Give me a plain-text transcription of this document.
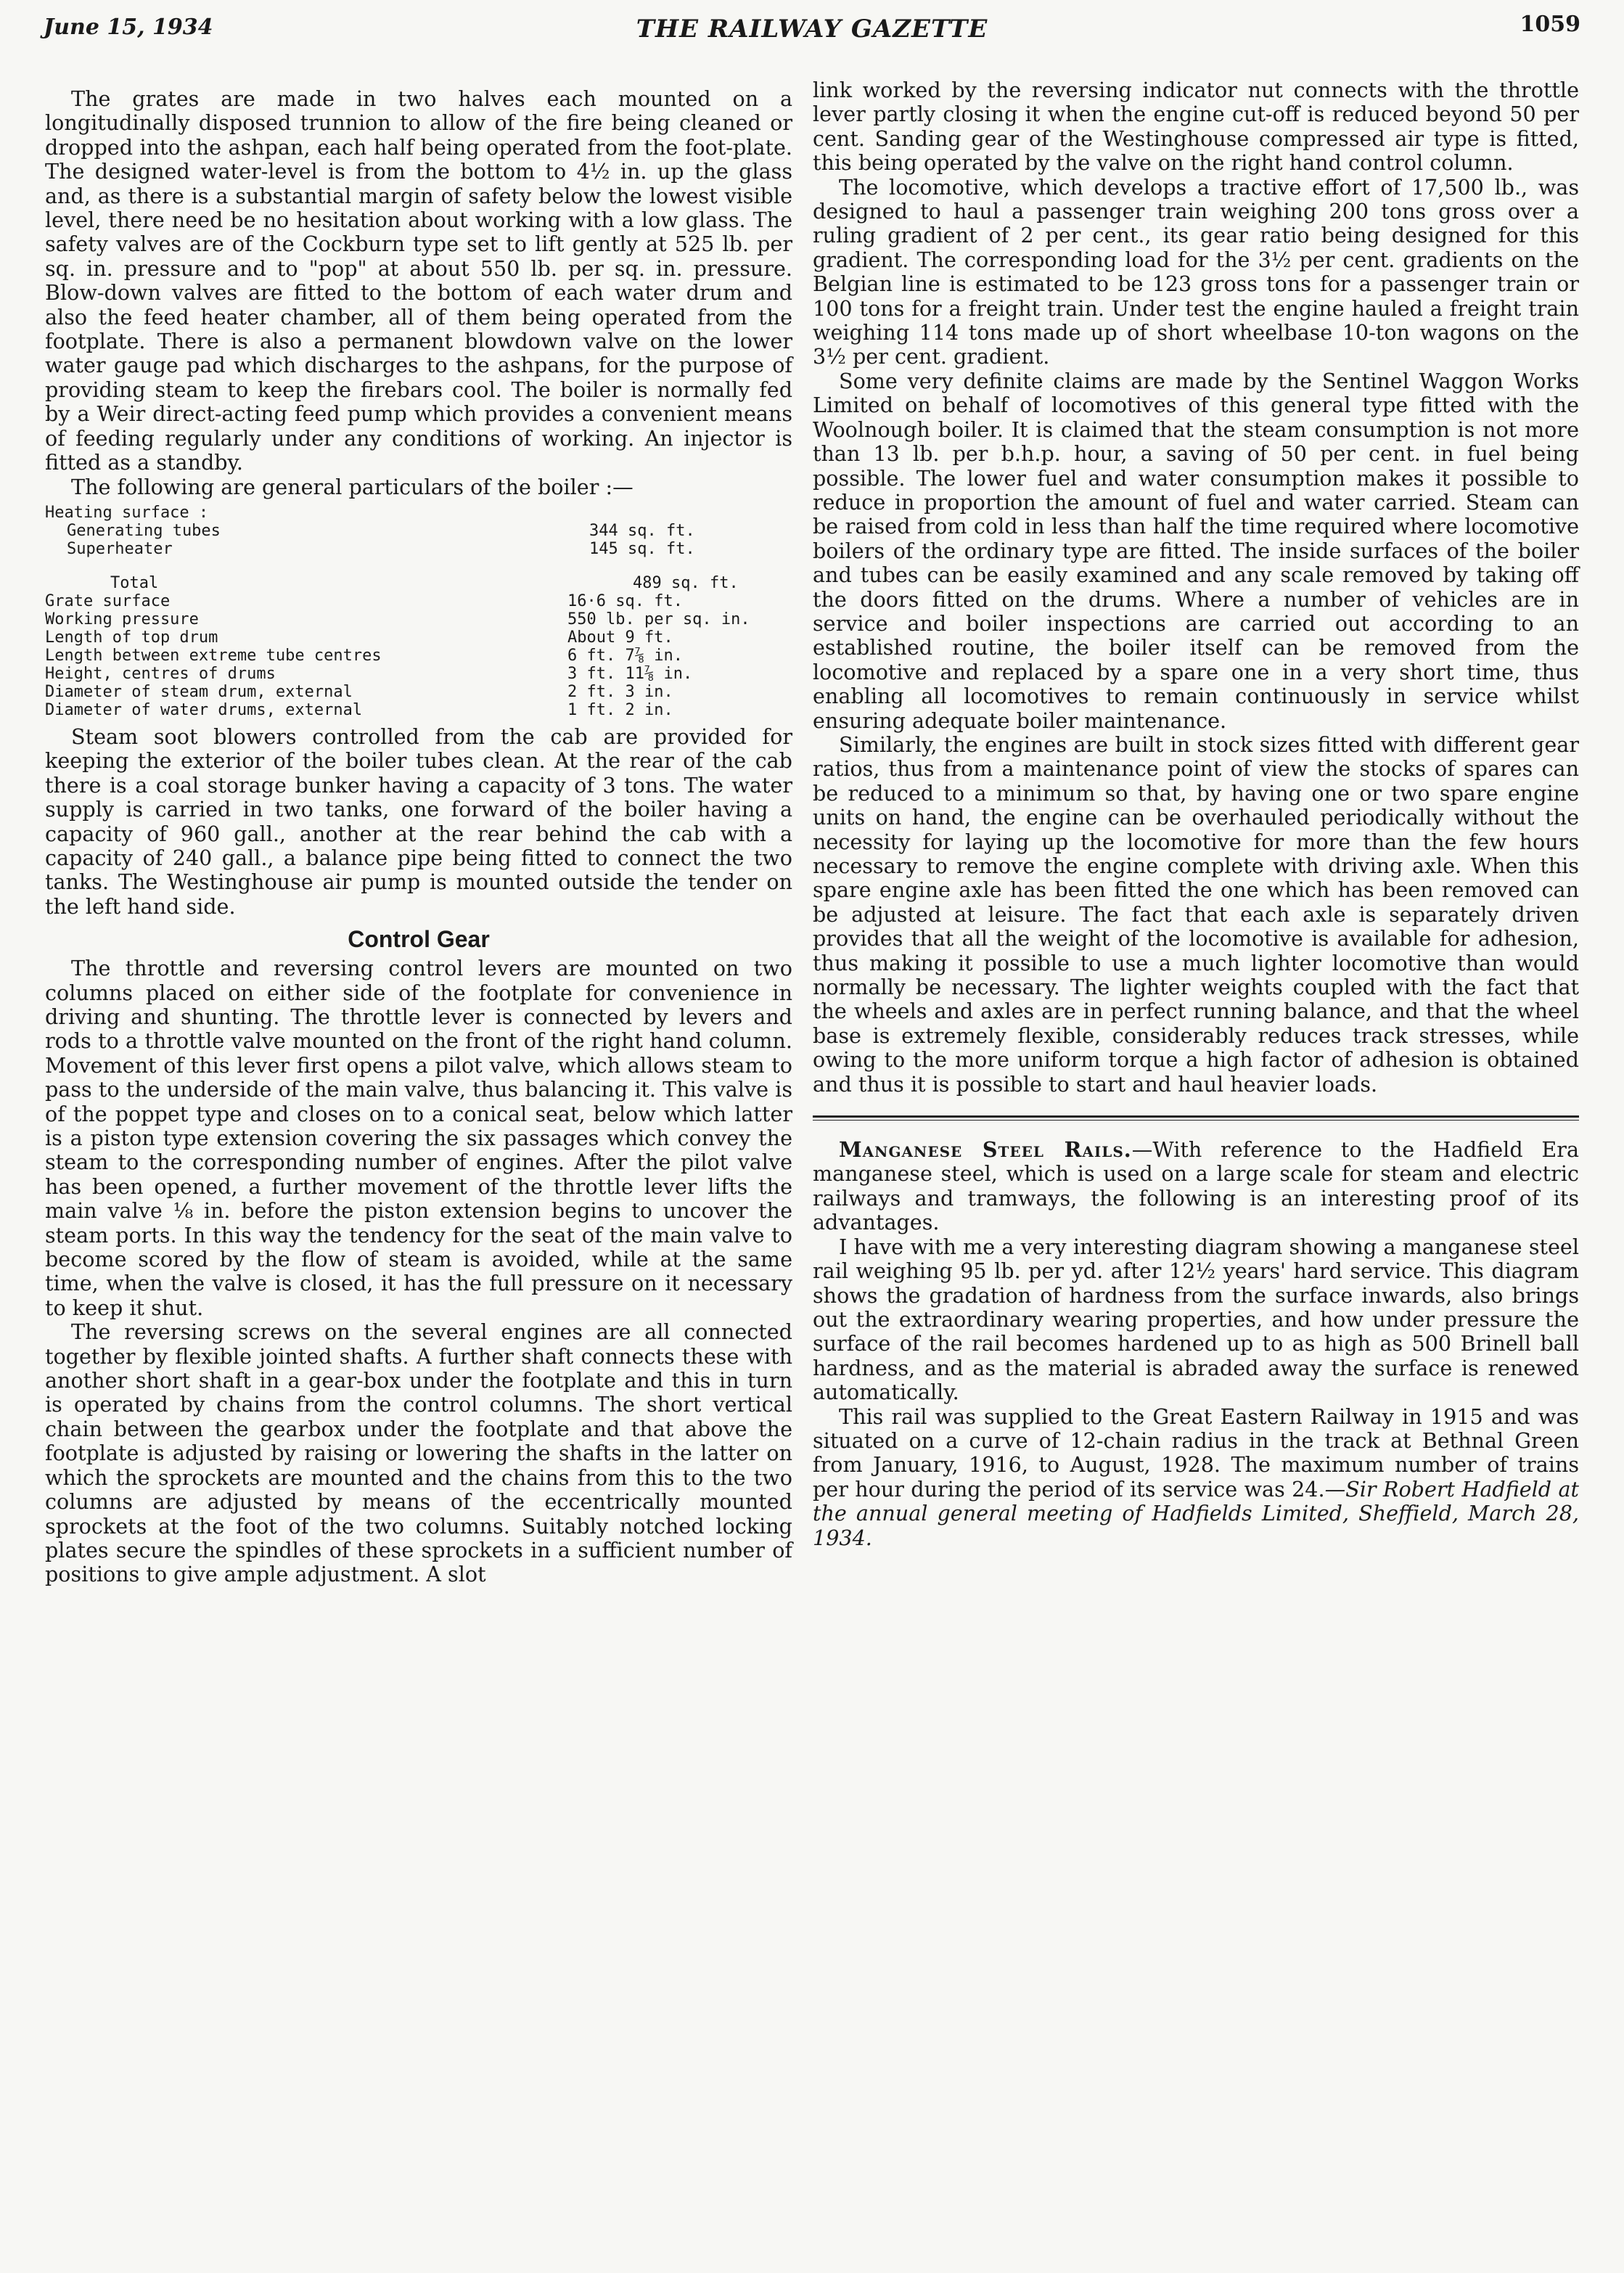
June 15, 1934	THE RAILWAY GAZETTE	1059

The grates are made in two halves each mounted on a longitudinally disposed trunnion to allow of the fire being cleaned or dropped into the ashpan, each half being operated from the foot-plate. The designed water-level is from the bottom to 4½ in. up the glass and, as there is a substantial margin of safety below the lowest visible level, there need be no hesitation about working with a low glass. The safety valves are of the Cockburn type set to lift gently at 525 lb. per sq. in. pressure and to "pop" at about 550 lb. per sq. in. pressure. Blow-down valves are fitted to the bottom of each water drum and also the feed heater chamber, all of them being operated from the footplate. There is also a permanent blowdown valve on the lower water gauge pad which discharges to the ashpans, for the purpose of providing steam to keep the firebars cool. The boiler is normally fed by a Weir direct-acting feed pump which provides a convenient means of feeding regularly under any conditions of working. An injector is fitted as a standby.

The following are general particulars of the boiler :—

Heating surface :
Generating tubes	344 sq. ft.
Superheater	145 sq. ft.
Total	489 sq. ft.
Grate surface	16·6 sq. ft.
Working pressure	550 lb. per sq. in.
Length of top drum	About 9 ft.
Length between extreme tube centres	6 ft. 7⅞ in.
Height, centres of drums	3 ft. 11⅞ in.
Diameter of steam drum, external	2 ft. 3 in.
Diameter of water drums, external	1 ft. 2 in.

Steam soot blowers controlled from the cab are provided for keeping the exterior of the boiler tubes clean. At the rear of the cab there is a coal storage bunker having a capacity of 3 tons. The water supply is carried in two tanks, one forward of the boiler having a capacity of 960 gall., another at the rear behind the cab with a capacity of 240 gall., a balance pipe being fitted to connect the two tanks. The Westinghouse air pump is mounted outside the tender on the left hand side.

Control Gear

The throttle and reversing control levers are mounted on two columns placed on either side of the footplate for convenience in driving and shunting. The throttle lever is connected by levers and rods to a throttle valve mounted on the front of the right hand column. Movement of this lever first opens a pilot valve, which allows steam to pass to the underside of the main valve, thus balancing it. This valve is of the poppet type and closes on to a conical seat, below which latter is a piston type extension covering the six passages which convey the steam to the corresponding number of engines. After the pilot valve has been opened, a further movement of the throttle lever lifts the main valve ⅛ in. before the piston extension begins to uncover the steam ports. In this way the tendency for the seat of the main valve to become scored by the flow of steam is avoided, while at the same time, when the valve is closed, it has the full pressure on it necessary to keep it shut.

The reversing screws on the several engines are all connected together by flexible jointed shafts. A further shaft connects these with another short shaft in a gear-box under the footplate and this in turn is operated by chains from the control columns. The short vertical chain between the gearbox under the footplate and that above the footplate is adjusted by raising or lowering the shafts in the latter on which the sprockets are mounted and the chains from this to the two columns are adjusted by means of the eccentrically mounted sprockets at the foot of the two columns. Suitably notched locking plates secure the spindles of these sprockets in a sufficient number of positions to give ample adjustment. A slot

link worked by the reversing indicator nut connects with the throttle lever partly closing it when the engine cut-off is reduced beyond 50 per cent. Sanding gear of the Westinghouse compressed air type is fitted, this being operated by the valve on the right hand control column.

The locomotive, which develops a tractive effort of 17,500 lb., was designed to haul a passenger train weighing 200 tons gross over a ruling gradient of 2 per cent., its gear ratio being designed for this gradient. The corresponding load for the 3½ per cent. gradients on the Belgian line is estimated to be 123 gross tons for a passenger train or 100 tons for a freight train. Under test the engine hauled a freight train weighing 114 tons made up of short wheelbase 10-ton wagons on the 3½ per cent. gradient.

Some very definite claims are made by the Sentinel Waggon Works Limited on behalf of locomotives of this general type fitted with the Woolnough boiler. It is claimed that the steam consumption is not more than 13 lb. per b.h.p. hour, a saving of 50 per cent. in fuel being possible. The lower fuel and water consumption makes it possible to reduce in proportion the amount of fuel and water carried. Steam can be raised from cold in less than half the time required where locomotive boilers of the ordinary type are fitted. The inside surfaces of the boiler and tubes can be easily examined and any scale removed by taking off the doors fitted on the drums. Where a number of vehicles are in service and boiler inspections are carried out according to an established routine, the boiler itself can be removed from the locomotive and replaced by a spare one in a very short time, thus enabling all locomotives to remain continuously in service whilst ensuring adequate boiler maintenance.

Similarly, the engines are built in stock sizes fitted with different gear ratios, thus from a maintenance point of view the stocks of spares can be reduced to a minimum so that, by having one or two spare engine units on hand, the engine can be overhauled periodically without the necessity for laying up the locomotive for more than the few hours necessary to remove the engine complete with driving axle. When this spare engine axle has been fitted the one which has been removed can be adjusted at leisure. The fact that each axle is separately driven provides that all the weight of the locomotive is available for adhesion, thus making it possible to use a much lighter locomotive than would normally be necessary. The lighter weights coupled with the fact that the wheels and axles are in perfect running balance, and that the wheel base is extremely flexible, considerably reduces track stresses, while owing to the more uniform torque a high factor of adhesion is obtained and thus it is possible to start and haul heavier loads.

Manganese Steel Rails.—With reference to the Hadfield Era manganese steel, which is used on a large scale for steam and electric railways and tramways, the following is an interesting proof of its advantages.

I have with me a very interesting diagram showing a manganese steel rail weighing 95 lb. per yd. after 12½ years' hard service. This diagram shows the gradation of hardness from the surface inwards, also brings out the extraordinary wearing properties, and how under pressure the surface of the rail becomes hardened up to as high as 500 Brinell ball hardness, and as the material is abraded away the surface is renewed automatically.

This rail was supplied to the Great Eastern Railway in 1915 and was situated on a curve of 12-chain radius in the track at Bethnal Green from January, 1916, to August, 1928. The maximum number of trains per hour during the period of its service was 24.—Sir Robert Hadfield at the annual general meeting of Hadfields Limited, Sheffield, March 28, 1934.
